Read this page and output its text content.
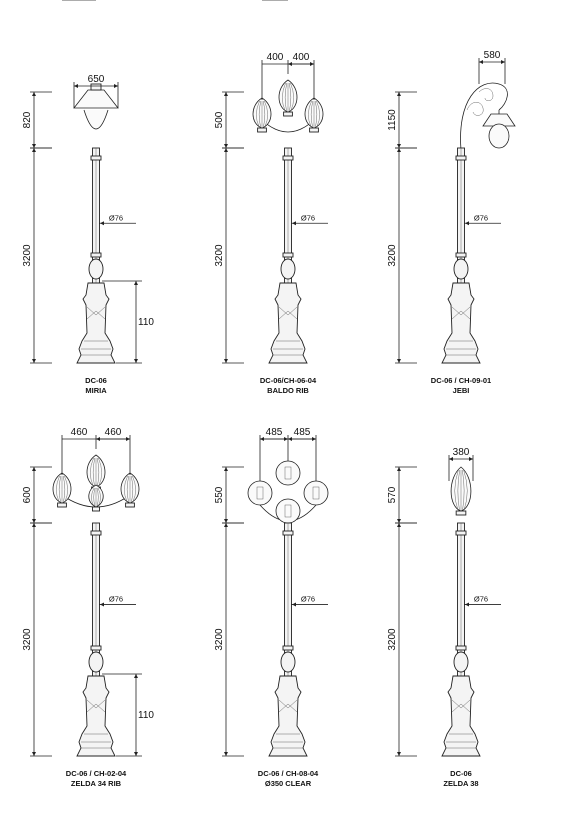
650
820
3200
Ø76
110
DC-06
MIRIA
400 400
500
3200
Ø76
DC-06/CH-06-04
BALDO RIB
580
1150
3200
Ø76
DC-06 / CH-09-01
JEBI
460 460
600
3200
Ø76
110
DC-06 / CH-02-04
ZELDA 34 RIB
485 485
550
3200
Ø76
DC-06 / CH-08-04
Ø350 CLEAR
380
570
3200
Ø76
DC-06
ZELDA 38
